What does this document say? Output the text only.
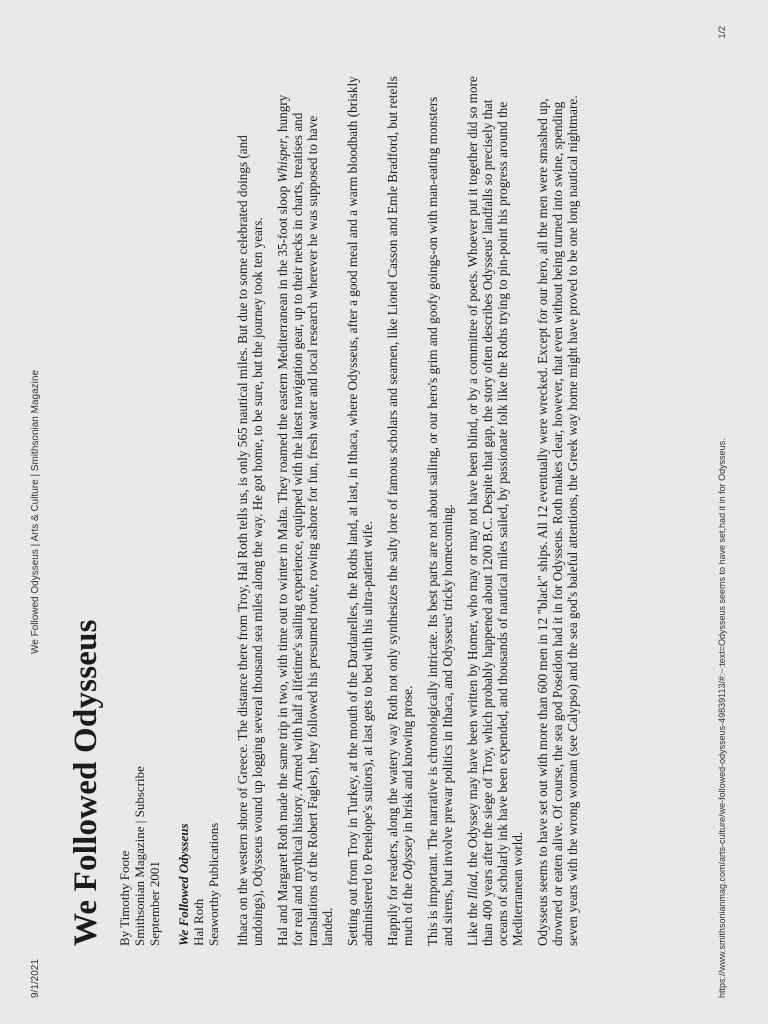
9/1/2021
We Followed Odysseus | Arts & Culture | Smithsonian Magazine
We Followed Odysseus By Timothy Foote Smithsonian Magazine | Subscribe September 2001 We Followed Odysseus Hal Roth Seaworthy Publications Ithaca on the western shore of Greece. The distance there from Troy, Hal Roth tells us, is only 565 nautical miles. But due to some celebrated doings (and undoings), Odysseus wound up logging several thousand sea miles along the way. He got home, to be sure, but the journey took ten years. Hal and Margaret Roth made the same trip in two, with time out to winter in Malta. They roamed the eastern Mediterranean in the 35-foot sloop Whisper, hungry for real and mythical history. Armed with half a lifetime's sailing experience, equipped with the latest navigation gear, up to their necks in charts, treatises and translations of the Robert Fagles), they followed his presumed route, rowing ashore for fun, fresh water and local research wherever he was supposed to have landed. Setting out from Troy in Turkey, at the mouth of the Dardanelles, the Roths land, at last, in Ithaca, where Odysseus, after a good meal and a warm bloodbath (briskly administered to Penelope's suitors), at last gets to bed with his ultra-patient wife. Happily for readers, along the watery way Roth not only synthesizes the salty lore of famous scholars and seamen, like Lionel Casson and Emle Bradford, but retells much of the Odyssey in brisk and knowing prose. This is important. The narrative is chronologically intricate. Its best parts are not about sailing, or our hero's grim and goofy goings-on with man-eating monsters and sirens, but involve prewar politics in Ithaca, and Odysseus' tricky homecoming. Like the Iliad, the Odyssey may have been written by Homer, who may or may not have been blind, or by a committee of poets. Whoever put it together did so more than 400 years after the siege of Troy, which probably happened about 1200 B.C. Despite that gap, the story often describes Odysseus' landfalls so precisely that oceans of scholarly ink have been expended, and thousands of nautical miles sailed, by passionate folk like the Roths trying to pin-point his progress around the Mediterranean world. Odysseus seems to have set out with more than 600 men in 12 "black" ships. All 12 eventually were wrecked. Except for our hero, all the men were smashed up, drowned or eaten alive. Of course, the sea god Poseidon had it in for Odysseus. Roth makes clear, however, that even without being turned into swine, spending seven years with the wrong woman (see Calypso) and the sea god's baleful attentions, the Greek way home might have proved to be one long nautical nightmare.	https://www.smithsonianmag.com/arts-culture/we-followed-odysseus-49839113/#:~:text=Odysseus seems to have set,had it in for Odysseus.
1/2
